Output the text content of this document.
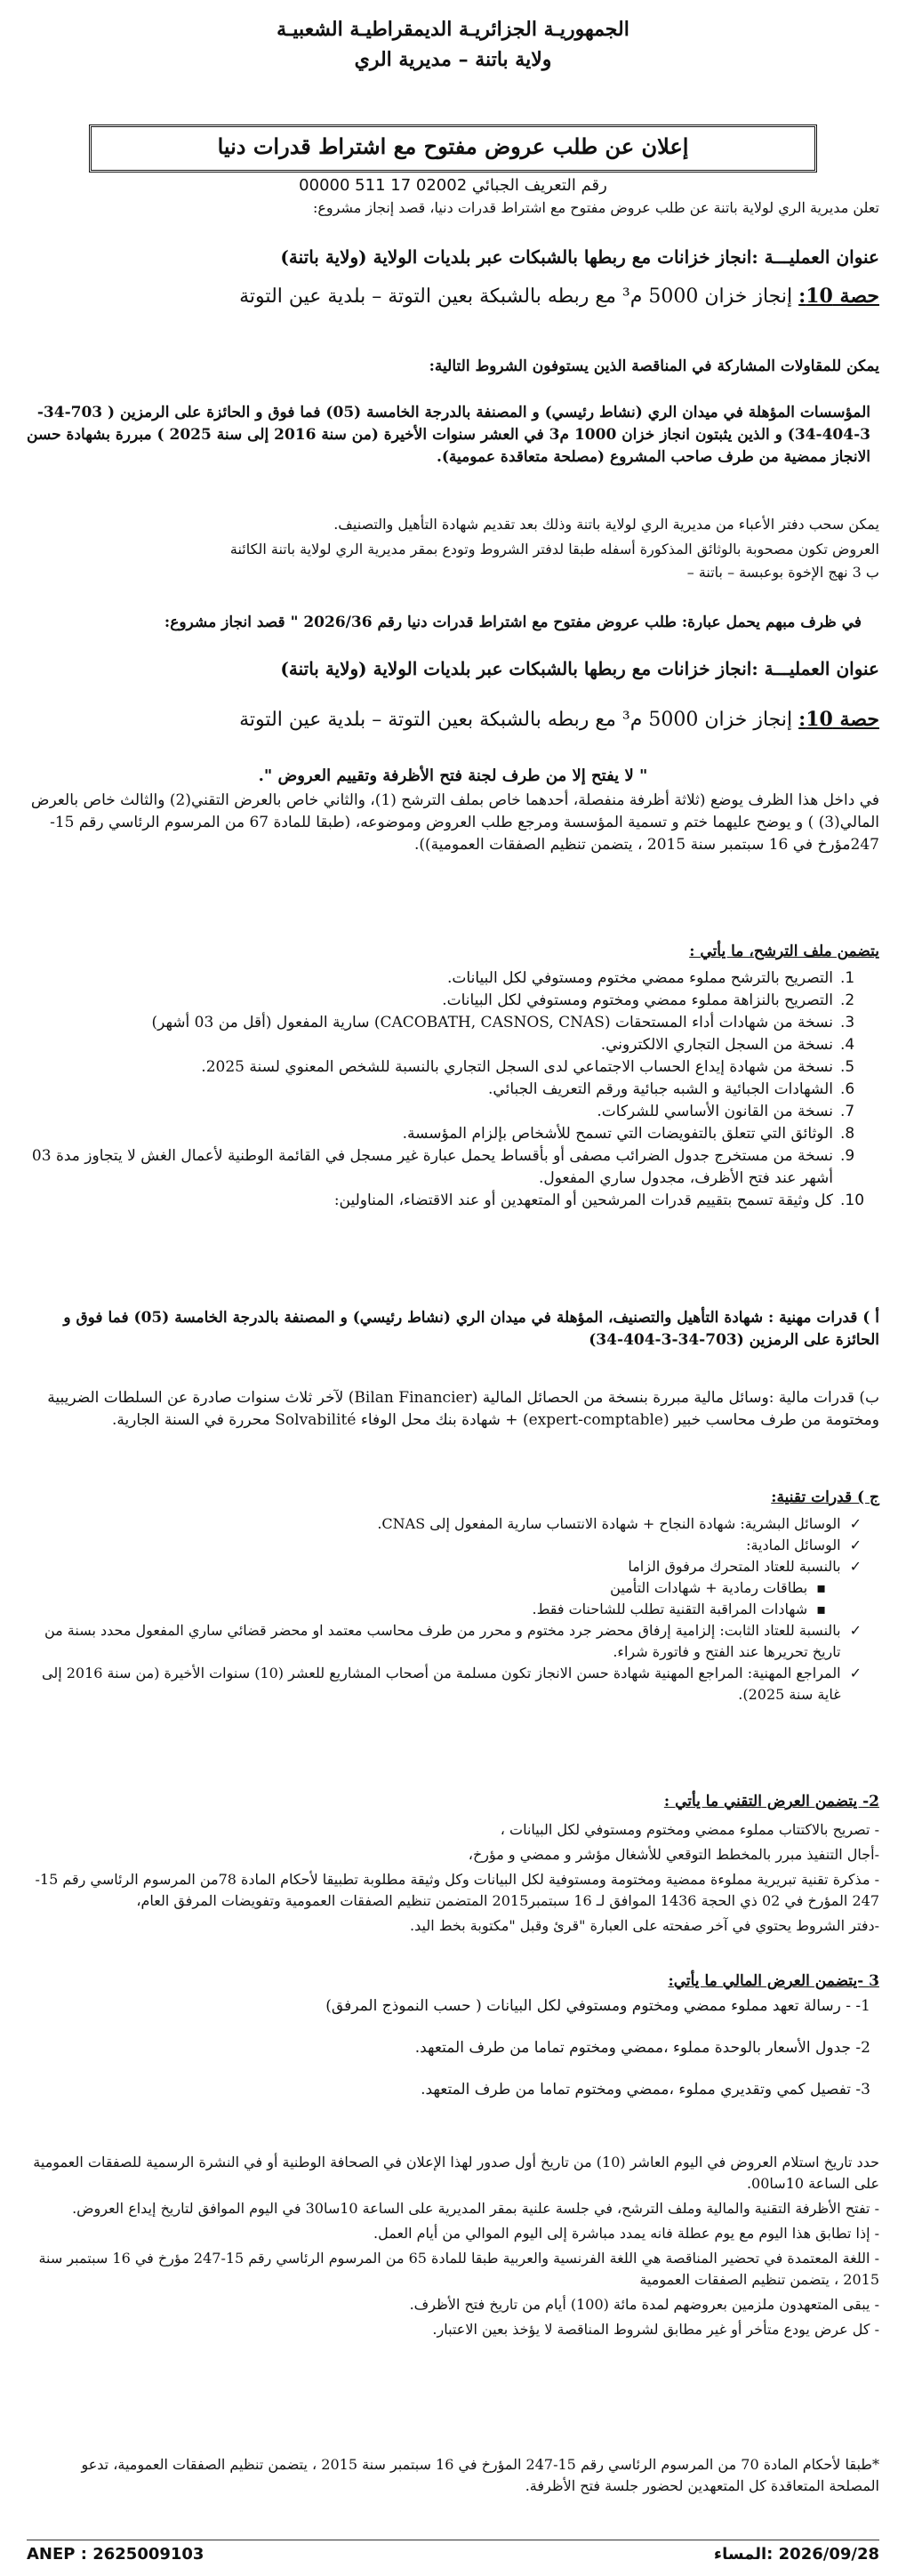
الجمهوريـة الجزائريـة الديمقراطيـة الشعبيـة
ولاية باتنة – مديرية الري
إعلان عن طلب عروض مفتوح مع اشتراط قدرات دنيا
رقم التعريف الجبائي 02002 17 511 00000
تعلن مديرية الري لولاية باتنة عن طلب عروض مفتوح مع اشتراط قدرات دنيا، قصد إنجاز مشروع:
عنوان العمليـــة :انجاز خزانات مع ربطها بالشبكات عبر بلديات الولاية (ولاية باتنة)
حصة 10: إنجاز خزان 5000 م³ مع ربطه بالشبكة بعين التوتة – بلدية عين التوتة
يمكن للمقاولات المشاركة في المناقصة الذين يستوفون الشروط التالية:
المؤسسات المؤهلة في ميدان الري (نشاط رئيسي) و المصنفة بالدرجة الخامسة (05) فما فوق و الحائزة على الرمزين ( 703-34-3-404-34) و الذين يثبتون انجاز خزان 1000 م3 في العشر سنوات الأخيرة (من سنة 2016 إلى سنة 2025 ) مبررة بشهادة حسن الانجاز ممضية من طرف صاحب المشروع (مصلحة متعاقدة عمومية).
يمكن سحب دفتر الأعباء من مديرية الري لولاية باتنة وذلك بعد تقديم شهادة التأهيل والتصنيف.
العروض تكون مصحوبة بالوثائق المذكورة أسفله طبقا لدفتر الشروط وتودع بمقر مديرية الري لولاية باتنة الكائنة
ب 3 نهج الإخوة بوعبسة – باتنة –
في ظرف مبهم يحمل عبارة: طلب عروض مفتوح مع اشتراط قدرات دنيا رقم 2026/36 " قصد انجاز مشروع:
عنوان العمليـــة :انجاز خزانات مع ربطها بالشبكات عبر بلديات الولاية (ولاية باتنة)
حصة 10: إنجاز خزان 5000 م³ مع ربطه بالشبكة بعين التوتة – بلدية عين التوتة
" لا يفتح إلا من طرف لجنة فتح الأظرفة وتقييم العروض ".
في داخل هذا الظرف يوضع (ثلاثة أظرفة منفصلة، أحدهما خاص بملف الترشح (1)، والثاني خاص بالعرض التقني(2) والثالث خاص بالعرض المالي(3) ) و يوضح عليهما ختم و تسمية المؤسسة ومرجع طلب العروض وموضوعه، (طبقا للمادة 67 من المرسوم الرئاسي رقم 15-247مؤرخ في 16 سبتمبر سنة 2015 ، يتضمن تنظيم الصفقات العمومية)).
يتضمن ملف الترشح، ما يأتي :
1.
التصريح بالترشح مملوء ممضي مختوم ومستوفي لكل البيانات.
2.
التصريح بالنزاهة مملوء ممضي ومختوم ومستوفي لكل البيانات.
3.
نسخة من شهادات أداء المستحقات (CACOBATH, CASNOS, CNAS) سارية المفعول (أقل من 03 أشهر)
4.
نسخة من السجل التجاري الالكتروني.
5.
نسخة من شهادة إيداع الحساب الاجتماعي لدى السجل التجاري بالنسبة للشخص المعنوي لسنة 2025.
6.
الشهادات الجبائية و الشبه جبائية ورقم التعريف الجبائي.
7.
نسخة من القانون الأساسي للشركات.
8.
الوثائق التي تتعلق بالتفويضات التي تسمح للأشخاص بإلزام المؤسسة.
9.
نسخة من مستخرج جدول الضرائب مصفى أو بأقساط يحمل عبارة غير مسجل في القائمة الوطنية لأعمال الغش لا يتجاوز مدة 03 أشهر عند فتح الأظرف، مجدول ساري المفعول.
10.
كل وثيقة تسمح بتقييم قدرات المرشحين أو المتعهدين أو عند الاقتضاء، المناولين:
أ ) قدرات مهنية : شهادة التأهيل والتصنيف، المؤهلة في ميدان الري (نشاط رئيسي) و المصنفة بالدرجة الخامسة (05) فما فوق و الحائزة على الرمزين (703-34-3-404-34)
ب) قدرات مالية :وسائل مالية مبررة بنسخة من الحصائل المالية (Bilan Financier) لآخر ثلاث سنوات صادرة عن السلطات الضريبية ومختومة من طرف محاسب خبير (expert-comptable) + شهادة بنك محل الوفاء Solvabilité محررة في السنة الجارية.
ج ) قدرات تقنية:
✓
الوسائل البشرية: شهادة النجاح + شهادة الانتساب سارية المفعول إلى CNAS.
✓
الوسائل المادية:
✓
بالنسبة للعتاد المتحرك مرفوق الزاما
▪
بطاقات رمادية + شهادات التأمين
▪
شهادات المراقبة التقنية تطلب للشاحنات فقط.
✓
بالنسبة للعتاد الثابت: إلزامية إرفاق محضر جرد مختوم و محرر من طرف محاسب معتمد او محضر قضائي ساري المفعول محدد بسنة من تاريخ تحريرها عند الفتح و فاتورة شراء.
✓
المراجع المهنية: المراجع المهنية شهادة حسن الانجاز تكون مسلمة من أصحاب المشاريع للعشر (10) سنوات الأخيرة (من سنة 2016 إلى غاية سنة 2025).
2- يتضمن العرض التقني ما يأتي :
- تصريح بالاكتتاب مملوء ممضي ومختوم ومستوفي لكل البيانات ،
-أجال التنفيذ مبرر بالمخطط التوقعي للأشغال مؤشر و ممضي و مؤرخ،
- مذكرة تقنية تبريرية مملوءة ممضية ومختومة ومستوفية لكل البيانات وكل وثيقة مطلوبة تطبيقا لأحكام المادة 78من المرسوم الرئاسي رقم 15-247 المؤرخ في 02 ذي الحجة 1436 الموافق لـ 16 سبتمبر2015 المتضمن تنظيم الصفقات العمومية وتفويضات المرفق العام،
-دفتر الشروط يحتوي في آخر صفحته على العبارة "قرئ وقبل "مكتوبة بخط اليد.
3 -يتضمن العرض المالي ما يأتي:
1- - رسالة تعهد مملوء ممضي ومختوم ومستوفي لكل البيانات ( حسب النموذج المرفق)
2- جدول الأسعار بالوحدة مملوء ،ممضي ومختوم تماما من طرف المتعهد.
3- تفصيل كمي وتقديري مملوء ،ممضي ومختوم تماما من طرف المتعهد.
حدد تاريخ استلام العروض في اليوم العاشر (10) من تاريخ أول صدور لهذا الإعلان في الصحافة الوطنية أو في النشرة الرسمية للصفقات العمومية على الساعة 10سا00.
- تفتح الأظرفة التقنية والمالية وملف الترشح، في جلسة علنية بمقر المديرية على الساعة 10سا30 في اليوم الموافق لتاريخ إيداع العروض.
- إذا تطابق هذا اليوم مع يوم عطلة فانه يمدد مباشرة إلى اليوم الموالي من أيام العمل.
- اللغة المعتمدة في تحضير المناقصة هي اللغة الفرنسية والعربية طبقا للمادة 65 من المرسوم الرئاسي رقم 15-247 مؤرخ في 16 سبتمبر سنة 2015 ، يتضمن تنظيم الصفقات العمومية
- يبقى المتعهدون ملزمين بعروضهم لمدة مائة (100) أيام من تاريخ فتح الأظرف.
- كل عرض يودع متأخر أو غير مطابق لشروط المناقصة لا يؤخذ بعين الاعتبار.
*طبقا لأحكام المادة 70 من المرسوم الرئاسي رقم 15-247 المؤرخ في 16 سبتمبر سنة 2015 ، يتضمن تنظيم الصفقات العمومية، تدعو المصلحة المتعاقدة كل المتعهدين لحضور جلسة فتح الأظرفة.
ANEP : 2625009103	2026/09/28 :المساء
